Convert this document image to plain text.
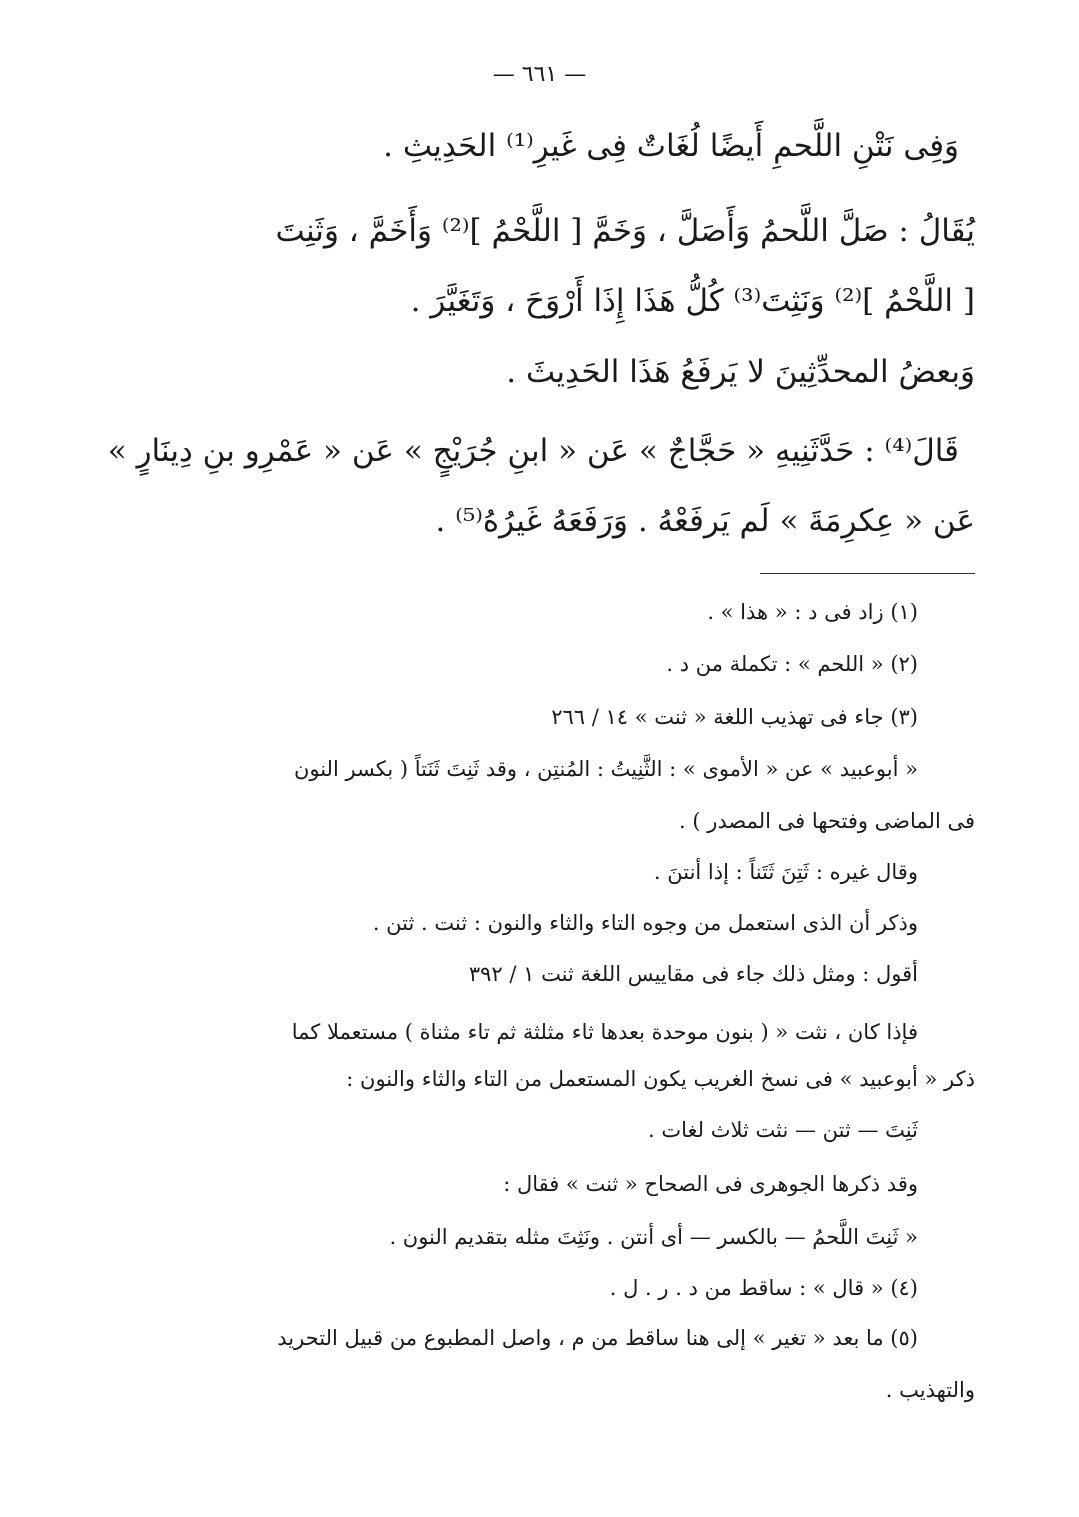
— ٦٦١ —
وَفِى نَتْنِ اللَّحمِ أَيضًا لُغَاتٌ فِى غَيرِ⁽¹⁾ الحَدِيثِ .
يُقَالُ : صَلَّ اللَّحمُ وَأَصَلَّ ، وَخَمَّ [ اللَّحْمُ ]⁽²⁾ وَأَخَمَّ ، وَثَنِتَ
[ اللَّحْمُ ]⁽²⁾ وَنَثِتَ⁽³⁾ كُلُّ هَذَا إِذَا أَرْوَحَ ، وَتَغَيَّرَ .
وَبعضُ المحدِّثِينَ لا يَرفَعُ هَذَا الحَدِيثَ .
قَالَ⁽⁴⁾ : حَدَّثَنِيهِ « حَجَّاجٌ » عَن « ابنِ جُرَيْجٍ » عَن « عَمْرِو بنِ دِينَارٍ »
عَن « عِكرِمَةَ » لَم يَرفَعْهُ . وَرَفَعَهُ غَيرُهُ⁽⁵⁾ .
(١) زاد فى د : « هذا » .
(٢) « اللحم » : تكملة من د .
(٣) جاء فى تهذيب اللغة « ثنت » ١٤ / ٢٦٦
« أبوعبيد » عن « الأموى » : الثَّنِيتُ : المُنتِن ، وقد ثَنِتَ ثَنَتاً ( بكسر النون
فى الماضى وفتحها فى المصدر ) .
وقال غيره : ثَتِنَ ثَتَناً : إذا أنتنَ .
وذكر أن الذى استعمل من وجوه التاء والثاء والنون : ثنت . ثتن .
أقول : ومثل ذلك جاء فى مقاييس اللغة ثنت ١ / ٣٩٢
فإذا كان ، نثت « ( بنون موحدة بعدها ثاء مثلثة ثم تاء مثناة ) مستعملا كما
ذكر « أبوعبيد » فى نسخ الغريب يكون المستعمل من التاء والثاء والنون :
ثَنِتَ — ثتن — نثت ثلاث لغات .
وقد ذكرها الجوهرى فى الصحاح « ثنت » فقال :
« ثَنِتَ اللَّحمُ — بالكسر — أى أنتن . ونَثِتَ مثله بتقديم النون .
(٤) « قال » : ساقط من د . ر . ل .
(٥) ما بعد « تغير » إلى هنا ساقط من م ، واصل المطبوع من قبيل التحريد
والتهذيب .
